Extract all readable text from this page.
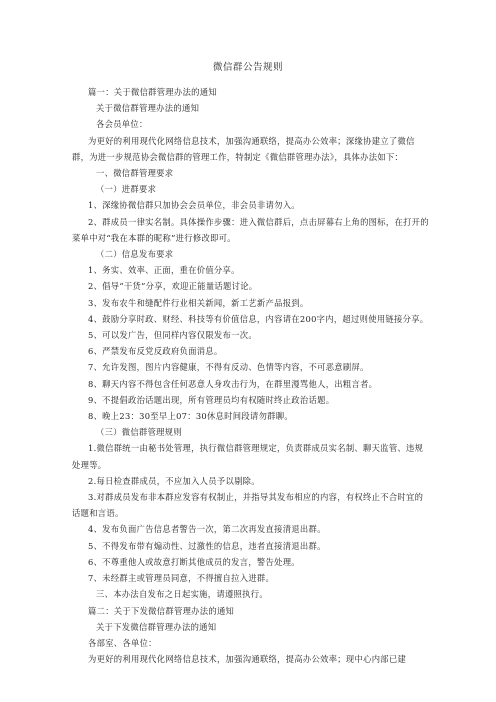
微信群公告规则

篇一：关于微信群管理办法的通知

关于微信群管理办法的通知

各会员单位：

为更好的利用现代化网络信息技术，加强沟通联络，提高办公效率；深缘协建立了微信群，为进一步规范协会微信群的管理工作，特制定《微信群管理办法》，具体办法如下：

一、微信群管理要求

（一）进群要求

1、深缘协微信群只加协会会员单位，非会员非请勿入。

2、群成员一律实名制。具体操作步骤：进入微信群后，点击屏幕右上角的图标，在打开的菜单中对“我在本群的昵称”进行修改即可。

（二）信息发布要求

1、务实、效率、正面，重在价值分享。

2、倡导“干货”分享，欢迎正能量话题讨论。

3、发布农牛和缝配件行业相关新闻，新工艺新产品报到。

4、鼓励分享时政、财经、科技等有价值信息，内容请在200字内，超过则使用链接分享。

5、可以发广告，但同样内容仅限发布一次。

6、严禁发布反党反政府负面消息。

7、允许发图，图片内容健康，不得有反动、色情等内容，不可恶意刷屏。

8、聊天内容不得包含任何恶意人身攻击行为，在群里漫骂他人，出粗言者。

9、不提倡政治话题出现，所有管理员均有权随时终止政治话题。

8、晚上23：30至早上07：30休息时间段请勿群聊。

（三）微信群管理规则

1.微信群统一由秘书处管理，执行微信群管理规定，负责群成员实名制、聊天监管、违规处理等。

2.每日检查群成员，不应加入人员予以剔除。

3.对群成员发布非本群应发容有权制止，并指导其发布相应的内容，有权终止不合时宜的话题和言语。

4、发布负面广告信息者警告一次，第二次再发直接清退出群。

5、不得发布带有煽动性、过激性的信息，违者直接清退出群。

6、不尊重他人或故意打断其他成员的发言，警告处理。

7、未经群主或管理员同意，不得擅自拉入进群。

三、本办法自发布之日起实施，请遵照执行。

篇二：关于下发微信群管理办法的通知

关于下发微信群管理办法的通知

各部室、各单位：

为更好的利用现代化网络信息技术，加强沟通联络，提高办公效率；现中心内部已建
